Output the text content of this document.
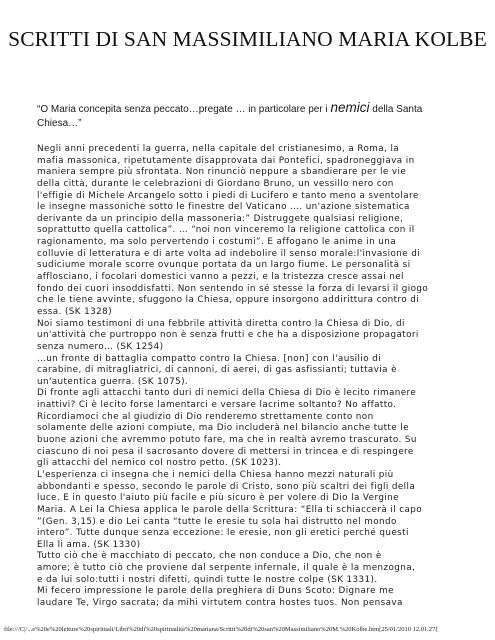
SCRITTI DI SAN MASSIMILIANO MARIA KOLBE
“O Maria concepita senza peccato…pregate … in particolare per i nemici della Santa Chiesa…”
Negli anni precedenti la guerra, nella capitale del cristianesimo, a Roma, la
mafia massonica, ripetutamente disapprovata dai Pontefici, spadroneggiava in
maniera sempre più sfrontata. Non rinunciò neppure a sbandierare per le vie
della città, durante le celebrazioni di Giordano Bruno, un vessillo nero con
l'effigie di Michele Arcangelo sotto i piedi di Lucifero e tanto meno a sventolare
le insegne massoniche sotto le finestre del Vaticano …. un'azione sistematica
derivante da un principio della massoneria:” Distruggete qualsiasi religione,
soprattutto quella cattolica”. … “noi non vinceremo la religione cattolica con il
ragionamento, ma solo pervertendo i costumi”. E affogano le anime in una
colluvie di letteratura e di arte volta ad indebolire il senso morale:l'invasione di
sudiciume morale scorre ovunque portata da un largo fiume. Le personalità si
afflosciano, i focolari domestici vanno a pezzi, e la tristezza cresce assai nel
fondo dei cuori insoddisfatti. Non sentendo in sé stesse la forza di levarsi il giogo
che le tiene avvinte, sfuggono la Chiesa, oppure insorgono addirittura contro di
essa. (SK 1328)
Noi siamo testimoni di una febbrile attività diretta contro la Chiesa di Dio, di
un'attività che purtroppo non è senza frutti e che ha a disposizione propagatori
senza numero… (SK 1254)
…un fronte di battaglia compatto contro la Chiesa. [non] con l'ausilio di
carabine, di mitragliatrici, di cannoni, di aerei, di gas asfissianti; tuttavia è
un'autentica guerra. (SK 1075).
Di fronte agli attacchi tanto duri di nemici della Chiesa di Dio è lecito rimanere
inattivi? Ci è lecito forse lamentarci e versare lacrime soltanto? No affatto.
Ricordiamoci che al giudizio di Dio renderemo strettamente conto non
solamente delle azioni compiute, ma Dio includerà nel bilancio anche tutte le
buone azioni che avremmo potuto fare, ma che in realtà avremo trascurato. Su
ciascuno di noi pesa il sacrosanto dovere di mettersi in trincea e di respingere
gli attacchi del nemico col nostro petto. (SK 1023).
L'esperienza ci insegna che i nemici della Chiesa hanno mezzi naturali più
abbondanti e spesso, secondo le parole di Cristo, sono più scaltri dei figli della
luce. E in questo l'aiuto più facile e più sicuro è per volere di Dio la Vergine
Maria. A Lei la Chiesa applica le parole della Scrittura: “Ella ti schiaccerà il capo
”(Gen. 3,15) e dio Lei canta “tutte le eresie tu sola hai distrutto nel mondo
intero”. Tutte dunque senza eccezione: le eresie, non gli eretici perché questi
Ella li ama. (SK 1330)
Tutto ciò che è macchiato di peccato, che non conduce a Dio, che non è
amore; è tutto ciò che proviene dal serpente infernale, il quale è la menzogna,
e da lui solo:tutti i nostri difetti, quindi tutte le nostre colpe (SK 1331).
Mi fecero impressione le parole della preghiera di Duns Scoto: Dignare me
laudare Te, Virgo sacrata; da mihi virtutem contra hostes tuos. Non pensava
file:///C|/...e%20e%20letture%20spirituali/Libri%20di%20spiritualità%20mariana/Scritti%20di%20san%20Massimiliano%20M.%20Kolbe.htm[25/01/2010 12.01.27]
